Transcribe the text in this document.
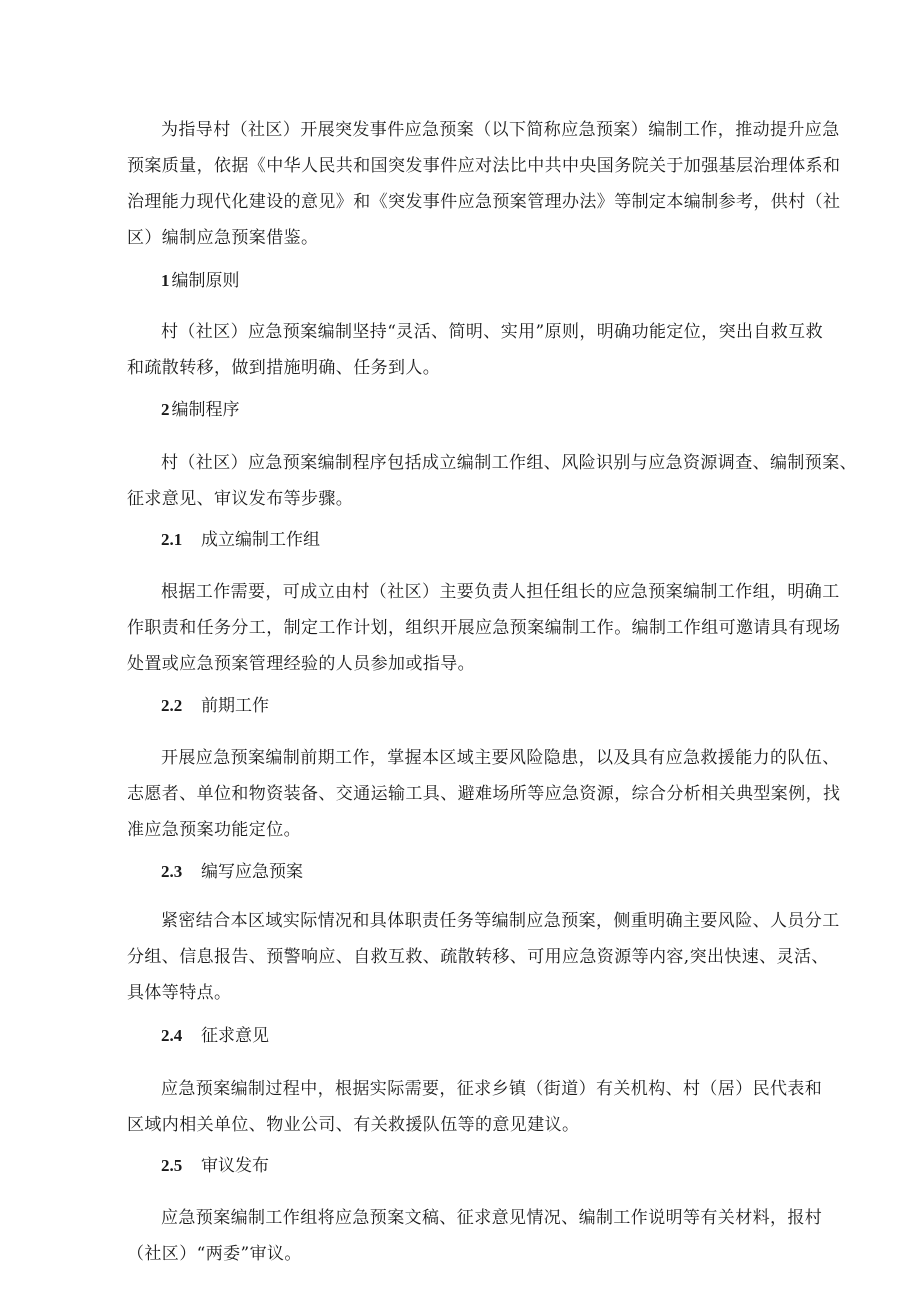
为指导村（社区）开展突发事件应急预案（以下简称应急预案）编制工作，推动提升应急
预案质量，依据《中华人民共和国突发事件应对法比中共中央国务院关于加强基层治理体系和
治理能力现代化建设的意见》和《突发事件应急预案管理办法》等制定本编制参考，供村（社
区）编制应急预案借鉴。
1 编制原则
村（社区）应急预案编制坚持“灵活、简明、实用”原则，明确功能定位，突出自救互救
和疏散转移，做到措施明确、任务到人。
2 编制程序
村（社区）应急预案编制程序包括成立编制工作组、风险识别与应急资源调查、编制预案、
征求意见、审议发布等步骤。
2.1 成立编制工作组
根据工作需要，可成立由村（社区）主要负责人担任组长的应急预案编制工作组，明确工
作职责和任务分工，制定工作计划，组织开展应急预案编制工作。编制工作组可邀请具有现场
处置或应急预案管理经验的人员参加或指导。
2.2 前期工作
开展应急预案编制前期工作，掌握本区域主要风险隐患，以及具有应急救援能力的队伍、
志愿者、单位和物资装备、交通运输工具、避难场所等应急资源，综合分析相关典型案例，找
准应急预案功能定位。
2.3 编写应急预案
紧密结合本区域实际情况和具体职责任务等编制应急预案，侧重明确主要风险、人员分工
分组、信息报告、预警响应、自救互救、疏散转移、可用应急资源等内容,突出快速、灵活、
具体等特点。
2.4 征求意见
应急预案编制过程中，根据实际需要，征求乡镇（街道）有关机构、村（居）民代表和
区域内相关单位、物业公司、有关救援队伍等的意见建议。
2.5 审议发布
应急预案编制工作组将应急预案文稿、征求意见情况、编制工作说明等有关材料，报村
（社区）“两委”审议。
